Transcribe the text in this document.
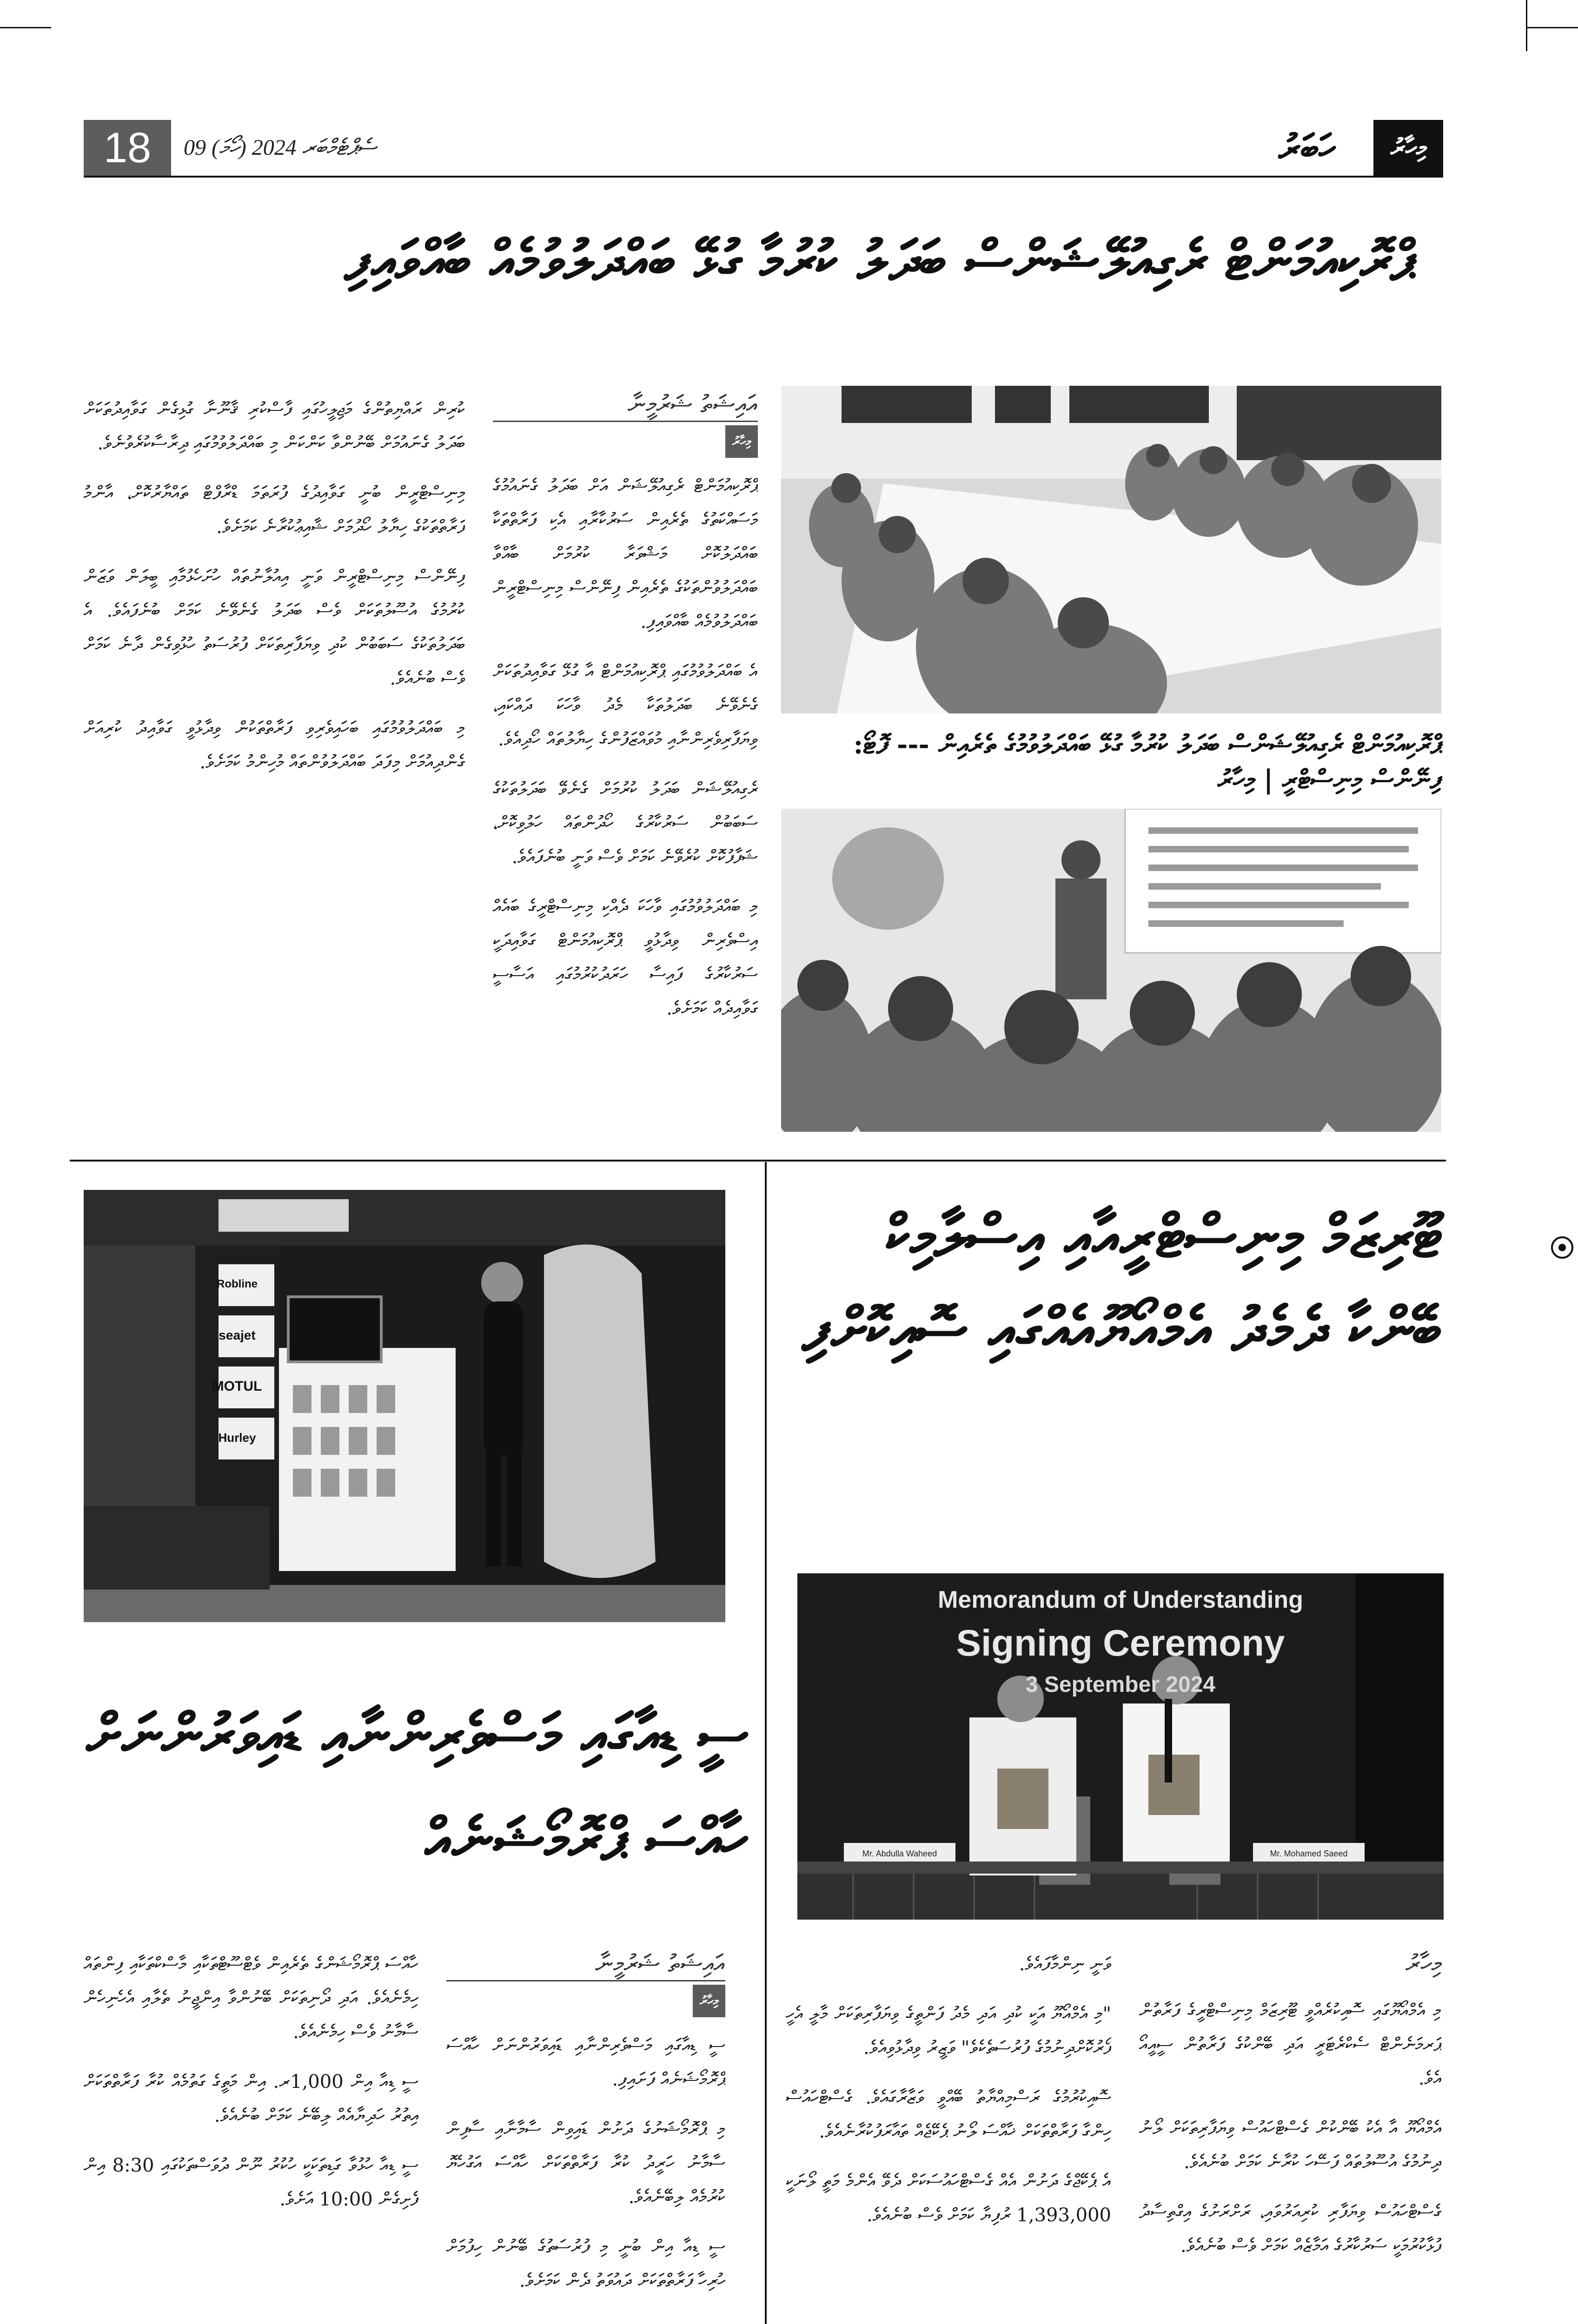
18	09 ސެޕްޓެމްބަރ 2024 (ހޯމަ)	ހަބަރު	މިހާރު
ޕްރޮކިއުމަންޓް ރެގިއުލޭޝަންސް ބަދަލު ކުރުމާ ގުޅޭ ބައްދަލުވުމެއް ބާއްވައިފި
ޕްރޮކިއުމަންޓް ރެގިއުލޭޝަންސް ބަދަލު ކުރުމާ ގުޅޭ ބައްދަލުވުމުގެ ތެރެއިން --- ފޮޓޯ: ފިނޭންސް މިނިސްޓްރީ | މިހާރު
އައިޝަތު ޝަރުމީނާ
މިހާރު

ޕްރޮކިއުމަންޓް ރެގިއުލޭޝަން އަށް ބަދަލު ގެނައުމުގެ މަސައްކަތުގެ ތެރެއިން ސަރުކާރާއި އެކި ފަރާތްތަކާ ބައްދަލުކޮށް މަޝްވަރާ ކުރުމަށް ބާއްވާ ބައްދަލުވުންތަކުގެ ތެރެއިން ފިނޭންސް މިނިސްޓްރީން ބައްދަލުވުމެއް ބާއްވައިފި.

އެ ބައްދަލުވުމުގައި ޕްރޮކިއުމަންޓް އާ ގުޅޭ ގަވާއިދުތަކަށް ގެނެވޭނެ ބަދަލުތަކާ މެދު ވާހަކަ ދައްކައި، ވިޔަފާރިވެރިންނާއި މުވައްޒަފުންގެ ހިޔާލުތައް ހޯދިއެވެ.

ރެގިއުލޭޝަން ބަދަލު ކުރުމަށް ގެނެވޭ ބަދަލުތަކުގެ ސަބަބުން ސަރުކާރުގެ ހޯދުންތައް ހަލުވިކޮށް، ޝަފާފުކޮށް ކުރެވޭނެ ކަމަށް ވެސް ވަނީ ބުނެފައެވެ.

މި ބައްދަލުވުމުގައި ވާހަކަ ދެއްކި މިނިސްޓްރީގެ ބައެއް އިސްވެރިން ވިދާޅުވީ ޕްރޮކިއުމަންޓް ގަވާއިދަކީ ސަރުކާރުގެ ފައިސާ ހަރަދުކުރުމުގައި އަސާސީ ގަވާއިދެއް ކަމަށެވެ.

ކުރިން ރައްޔިތުންގެ މަޖިލީހުގައި ފާސްކުރި ޤާނޫނާ ގުޅިގެން ގަވާއިދުތަކަށް ބަދަލު ގެނައުމަށް ބޭނުންވާ ކަންކަން މި ބައްދަލުވުމުގައި ދިރާސާކުރެވުނެވެ.

މިނިސްޓްރީން ބުނީ ގަވާއިދުގެ ފުރަތަމަ ޑްރާފްޓް ތައްޔާރުކޮށް، އާންމު ފަރާތްތަކުގެ ހިޔާލު ހޯދުމަށް ޝާއިޢުކުރާނެ ކަމަށެވެ.

ފިނޭންސް މިނިސްޓްރީން ވަނީ އިއުލާނުތައް ހުށަހެޅުމާއި ބީލަން ވަޒަން ކުރުމުގެ އުސޫލުތަކަށް ވެސް ބަދަލު ގެނެވޭނެ ކަމަށް ބުނެފައެވެ. އެ ބަދަލުތަކުގެ ސަބަބުން ކުދި ވިޔަފާރިތަކަށް ފުރުސަތު ހުޅުވިގެން ދާނެ ކަމަށް ވެސް ބުނެއެވެ.

މި ބައްދަލުވުމުގައި ބަހައިވެރިވި ފަރާތްތަކުން ވިދާޅުވީ ގަވާއިދު ކުރިއަށް ގެންދިއުމަށް މިފަދަ ބައްދަލުވުންތައް މުހިންމު ކަމަށެވެ.

ޓޫރިޒަމް މިނިސްޓްރީއާއި އިސްލާމިކް ބޭންކާ ދެމެދު އެމްއޯޔޫއެއްގައި ސޮއިކޮށްފި
Memorandum of Understanding
Signing Ceremony
3 September 2024
Mr. Abdulla Waheed	Mr. Mohamed Saeed
މިހާރު

މި އެމްއޯޔޫގައި ސޮއިކުރެއްވީ ޓޫރިޒަމް މިނިސްޓްރީގެ ފަރާތުން ޕަރމަނެންޓް ސެކްރެޓަރީ އަދި ބޭންކުގެ ފަރާތުން ސީއީއޯ އެވެ.

އެމްއޯޔޫ އާ އެކު ބޭންކުން ގެސްޓްހައުސް ވިޔަފާރިތަކަށް ލޯނު ދިނުމުގެ އުސޫލުތައް ފަސޭހަ ކުރާނެ ކަމަށް ބުނެއެވެ.

ގެސްޓްހައުސް ވިޔަފާރި ކުރިއަރުވައި، ރަށްރަށުގެ އިގްތިސާދު ފުޅާކުރުމަކީ ސަރުކާރުގެ އަމާޒެއް ކަމަށް ވެސް ބުނެއެވެ.

ވަނީ ނިންމާފައެވެ.

"މި އެމްއޯޔޫ އަކީ ކުދި އަދި މެދު ފަންތީގެ ވިޔަފާރިތަކަށް މާލީ އެހީ ފޯރުކޮށްދިނުމުގެ ފުރުސަތެކެވެ" ވަޒީރު ވިދާޅުވިއެވެ.

ސޮއިކުރުމުގެ ރަސްމިއްޔާތު ބޭއްވީ ވަޒާރާގައެވެ. ގެސްޓްހައުސް ހިންގާ ފަރާތްތަކަށް ޚާއްސަ ލޯނު ޕެކޭޖެއް ތައާރަފުކުރާނެއެވެ.

އެ ޕެކޭޖްގެ ދަށުން އެއް ގެސްޓްހައުސަކަށް ދެވޭ އެންމެ މަތީ ލޯނަކީ 1,393,000 ރުފިޔާ ކަމަށް ވެސް ބުނެއެވެ.

Robline
seajet
MOTUL
Hurley
ސީ ޑިއާގައި މަސްވެރިންނާއި ޑައިވަރުންނަށް ހާއްސަ ޕްރޮމޯޝަނެއް
އައިޝަތު ޝަރުމީނާ
މިހާރު

ސީ ޑިއާގައި މަސްވެރިންނާއި ޑައިވަރުންނަށް ހާއްސަ ޕްރޮމޯޝަނެއް ފަށައިފި.

މި ޕްރޮމޯޝަނުގެ ދަށުން ޑައިވިން ސާމާނާއި ސާފިން ސާމާނު ހަރީދު ކުރާ ފަރާތްތަކަށް ހާއްސަ އަގުހެޔޮ ކުރުމެއް ލިބޭނެއެވެ.

ސީ ޑިއާ އިން ބުނީ މި ފުރުސަތުގެ ބޭނުން ހިފުމަށް ހުރިހާ ފަރާތްތަކަށް ދައުވަތު ދެން ކަމަށެވެ.

ހާއްސަ ޕްރޮމޯޝަންގެ ތެރެއިން ވެޓްސޫޓްތަކާއި މާސްކްތަކާއި ފިންތައް ހިމެނެއެވެ. އަދި ދޯނިތަކަށް ބޭނުންވާ އިންޖީނު ތެލާއި އެހެނިހެން ސާމާނު ވެސް ހިމެނެއެވެ.

ސީ ޑިއާ އިން 1,000ރ. އިން މަތީގެ ގަތުމެއް ކުރާ ފަރާތްތަކަށް އިތުރު ހަދިޔާއެއް ލިބޭނެ ކަމަށް ބުނެއެވެ.

ސީ ޑިއާ ހުޅުވާ ގަޑިތަކަކީ ހުކުރު ނޫން ދުވަސްތަކުގައި 8:30 އިން ފެށިގެން 10:00 އަށެވެ.
